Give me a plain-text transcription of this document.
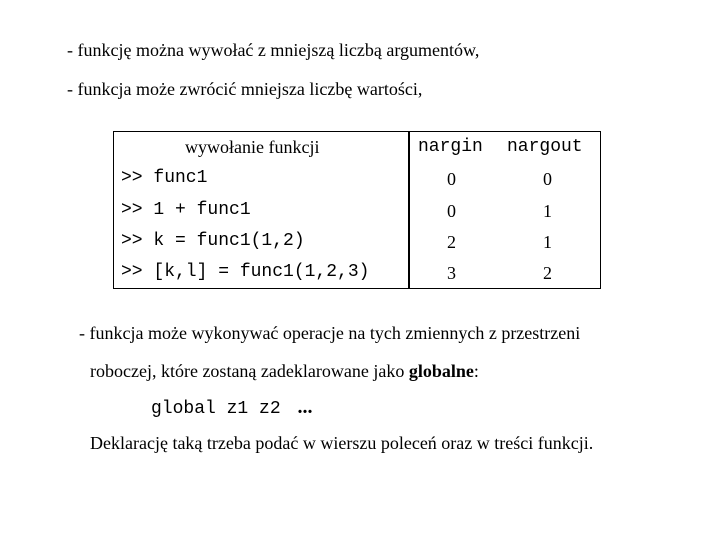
- funkcję można wywołać z mniejszą liczbą argumentów,
- funkcja może zwrócić mniejsza liczbę wartości,
wywołanie funkcji	nargin nargout
>> func1	0	0
>> 1 + func1	0	1
>> k = func1(1,2)	2	1
>> [k,l] = func1(1,2,3)	3	2
- funkcja może wykonywać operacje na tych zmiennych z przestrzeni
roboczej, które zostaną zadeklarowane jako globalne:
global z1 z2 ...
Deklarację taką trzeba podać w wierszu poleceń oraz w treści funkcji.
